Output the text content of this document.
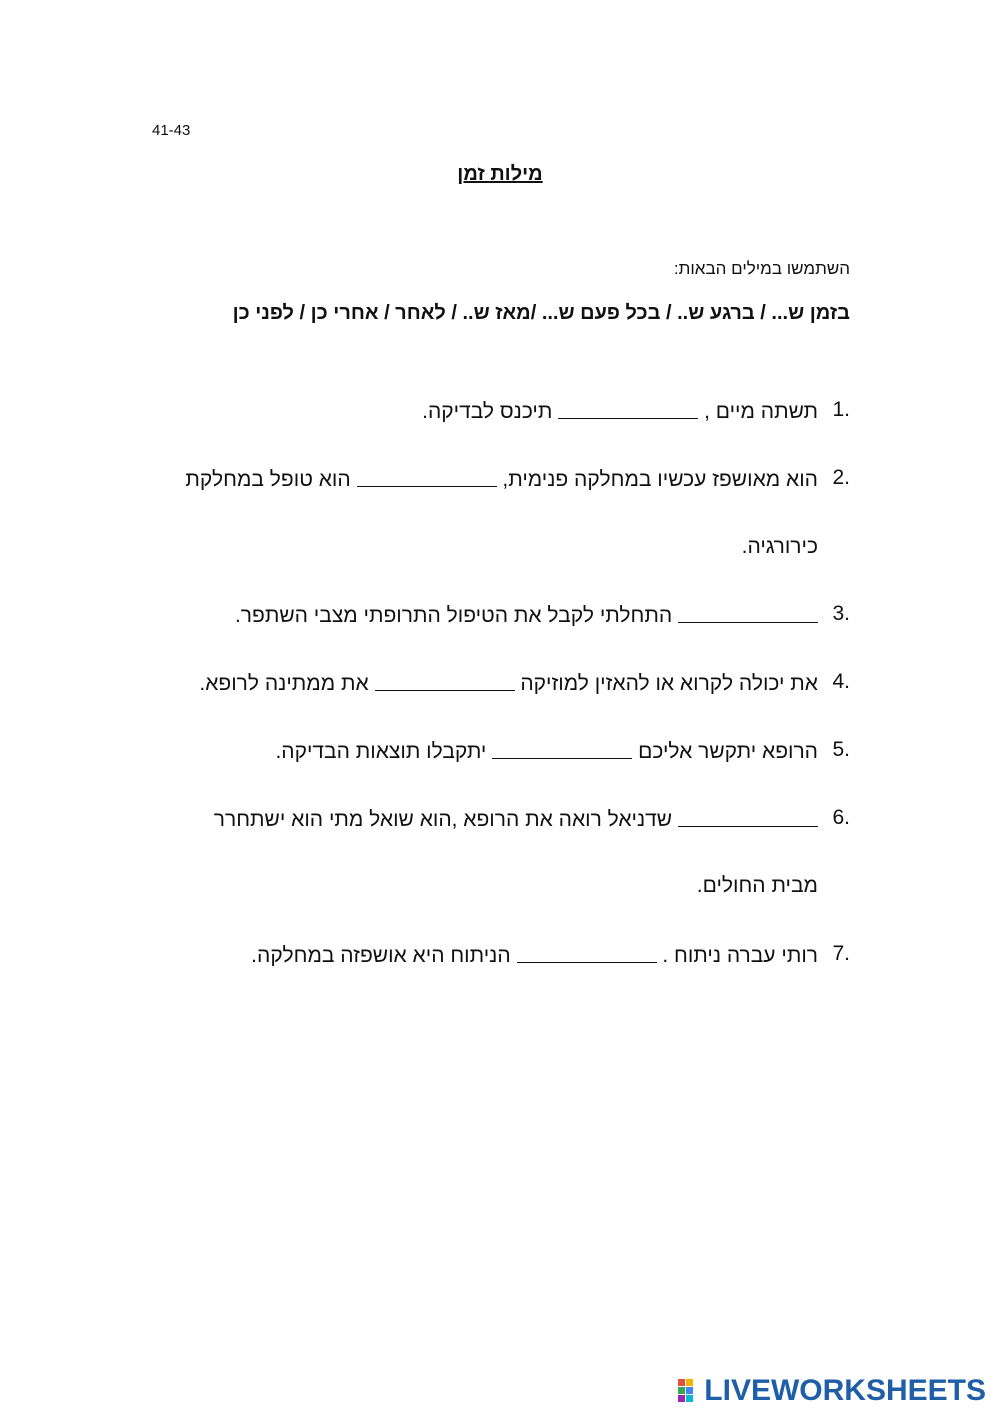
41-43
מילות זמן
השתמשו במילים הבאות:
בזמן ש... / ברגע ש.. / בכל פעם ש... /מאז ש.. / לאחר / אחרי כן / לפני כן
1.
תשתה מיים ,  תיכנס לבדיקה.
2.
הוא מאושפז עכשיו במחלקה פנימית,  הוא טופל במחלקת
כירורגיה.
3.
התחלתי לקבל את הטיפול התרופתי מצבי השתפר.
4.
את יכולה לקרוא או להאזין למוזיקה  את ממתינה לרופא.
5.
הרופא יתקשר אליכם  יתקבלו תוצאות הבדיקה.
6.
שדניאל רואה את הרופא ,הוא שואל מתי הוא ישתחרר
מבית החולים.
7.
רותי עברה ניתוח .  הניתוח היא אושפזה במחלקה.
LIVEWORKSHEETS
